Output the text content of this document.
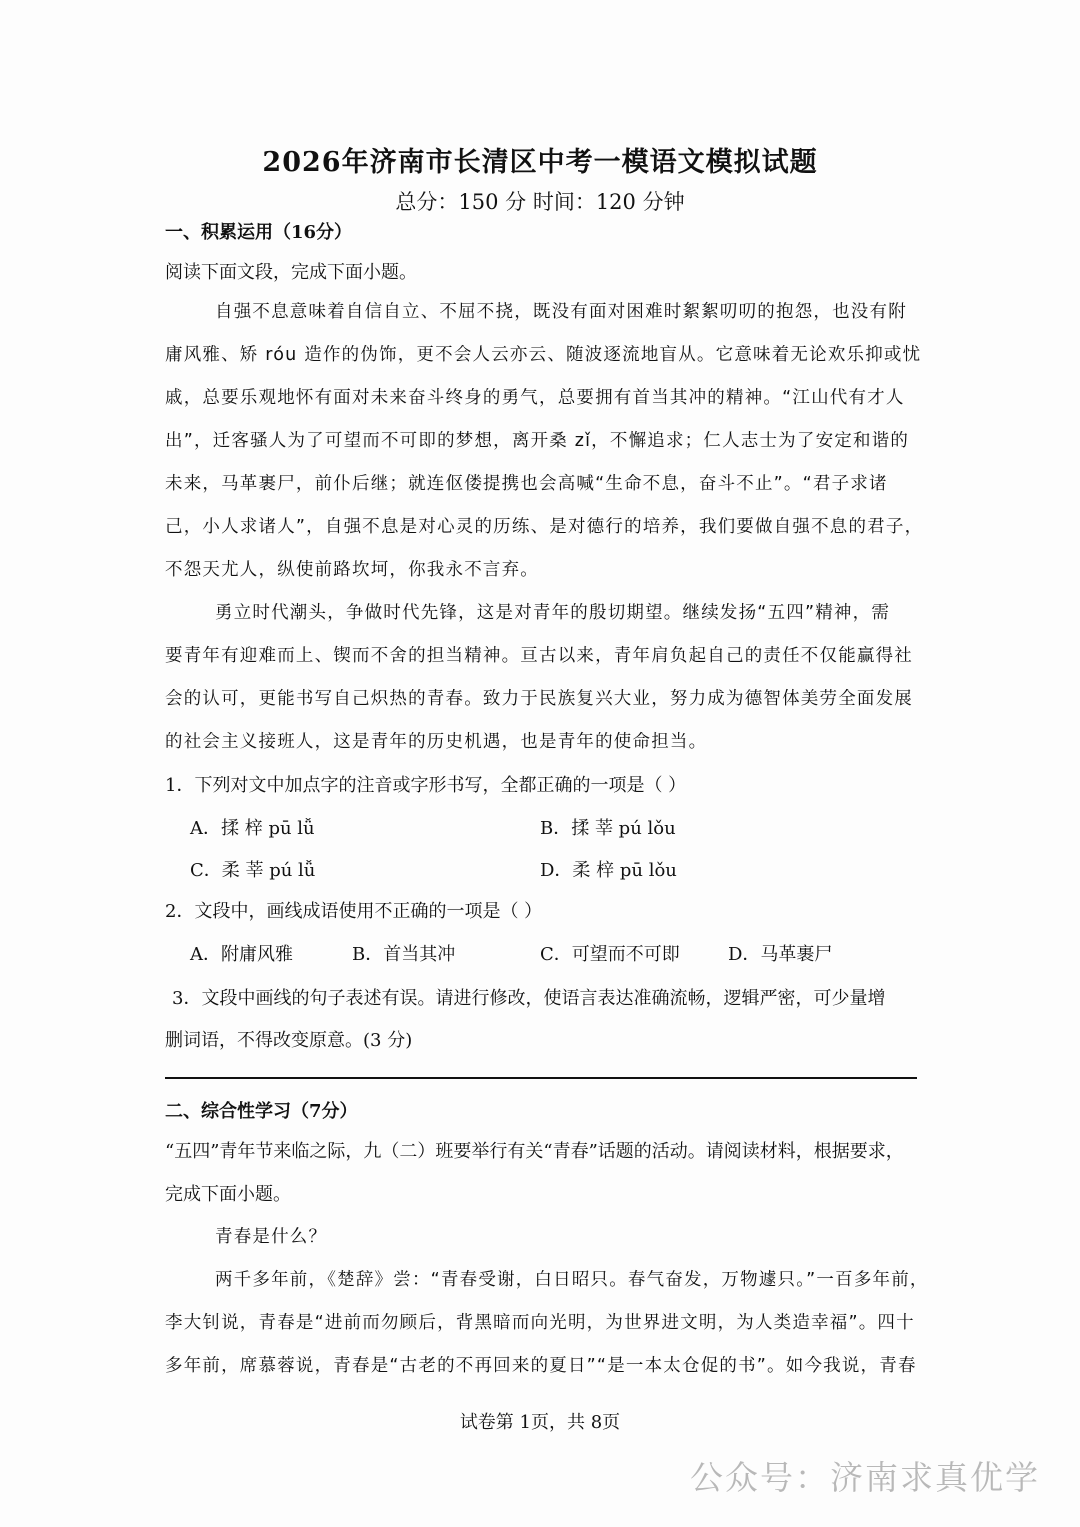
2026年济南市长清区中考一模语文模拟试题
总分：150 分 时间：120 分钟
一、积累运用（16分）
阅读下面文段，完成下面小题。
自强不息意味着自信自立、不屈不挠，既没有面对困难时絮絮叨叨的抱怨，也没有附
庸风雅、矫 róu 造作的伪饰，更不会人云亦云、随波逐流地盲从。它意味着无论欢乐抑或忧
戚，总要乐观地怀有面对未来奋斗终身的勇气，总要拥有首当其冲的精神。“江山代有才人
出”，迁客骚人为了可望而不可即的梦想，离开桑 zǐ，不懈追求；仁人志士为了安定和谐的
未来，马革裹尸，前仆后继；就连伛偻提携也会高喊“生命不息，奋斗不止”。“君子求诸
己，小人求诸人”，自强不息是对心灵的历练、是对德行的培养，我们要做自强不息的君子，
不怨天尤人，纵使前路坎坷，你我永不言弃。
勇立时代潮头，争做时代先锋，这是对青年的殷切期望。继续发扬“五四”精神，需
要青年有迎难而上、锲而不舍的担当精神。亘古以来，青年肩负起自己的责任不仅能赢得社
会的认可，更能书写自己炽热的青春。致力于民族复兴大业，努力成为德智体美劳全面发展
的社会主义接班人，这是青年的历史机遇，也是青年的使命担当。
1．下列对文中加点字的注音或字形书写，全都正确的一项是（ ）
A．揉 梓 pū lǚ	B．揉 莘 pú lǒu
C．柔 莘 pú lǚ	D．柔 梓 pū lǒu
2．文段中，画线成语使用不正确的一项是（ ）
A．附庸风雅	B．首当其冲	C．可望而不可即	D．马革裹尸
3．文段中画线的句子表述有误。请进行修改，使语言表达准确流畅，逻辑严密，可少量增
删词语，不得改变原意。(3 分)
二、综合性学习（7分）
“五四”青年节来临之际，九（二）班要举行有关“青春”话题的活动。请阅读材料，根据要求，
完成下面小题。
青春是什么？
两千多年前，《楚辞》尝：“青春受谢，白日昭只。春气奋发，万物遽只。”一百多年前，
李大钊说，青春是“进前而勿顾后，背黑暗而向光明，为世界进文明，为人类造幸福”。四十
多年前，席慕蓉说，青春是“古老的不再回来的夏日”“是一本太仓促的书”。如今我说，青春
试卷第 1页，共 8页
公众号：济南求真优学
